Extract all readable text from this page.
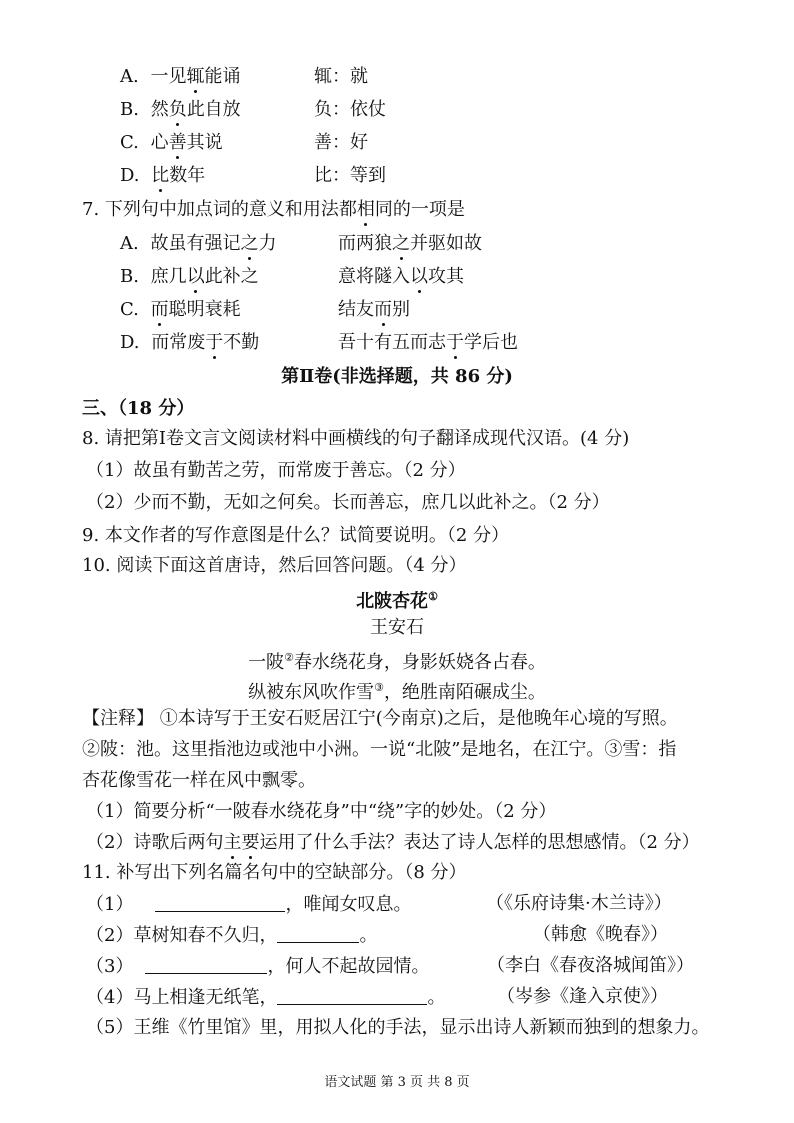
A. 一见辄能诵	辄：就
B. 然负此自放	负：依仗
C. 心善其说	善：好
D. 比数年	比：等到
7. 下列句中加点词的意义和用法都相同的一项是
A. 故虽有强记之力	而两狼之并驱如故
B. 庶几以此补之	意将隧入以攻其
C. 而聪明衰耗	结友而别
D. 而常废于不勤	吾十有五而志于学后也
第Ⅱ卷(非选择题，共 86 分)
三、（18 分）
8. 请把第Ⅰ卷文言文阅读材料中画横线的句子翻译成现代汉语。(4 分)
（1）故虽有勤苦之劳，而常废于善忘。（2 分）
（2）少而不勤，无如之何矣。长而善忘，庶几以此补之。（2 分）
9. 本文作者的写作意图是什么？试简要说明。（2 分）
10. 阅读下面这首唐诗，然后回答问题。（4 分）
北陂杏花①
王安石
一陂②春水绕花身，身影妖娆各占春。
纵被东风吹作雪③，绝胜南陌碾成尘。
【注释】 ①本诗写于王安石贬居江宁(今南京)之后，是他晚年心境的写照。
②陂：池。这里指池边或池中小洲。一说“北陂”是地名，在江宁。③雪：指
杏花像雪花一样在风中飘零。
（1）简要分析“一陂春水绕花身”中“绕”字的妙处。（2 分）
（2）诗歌后两句主要运用了什么手法？表达了诗人怎样的思想感情。（2 分）
11. 补写出下列名篇名句中的空缺部分。（8 分）
（1）	，唯闻女叹息。	（《乐府诗集·木兰诗》）
（2）草树知春不久归，	。	（韩愈《晚春》）
（3）	，何人不起故园情。	（李白《春夜洛城闻笛》）
（4）马上相逢无纸笔，	。	（岑参《逢入京使》）
（5）王维《竹里馆》里，用拟人化的手法，显示出诗人新颖而独到的想象力。
语文试题 第 3 页 共 8 页
